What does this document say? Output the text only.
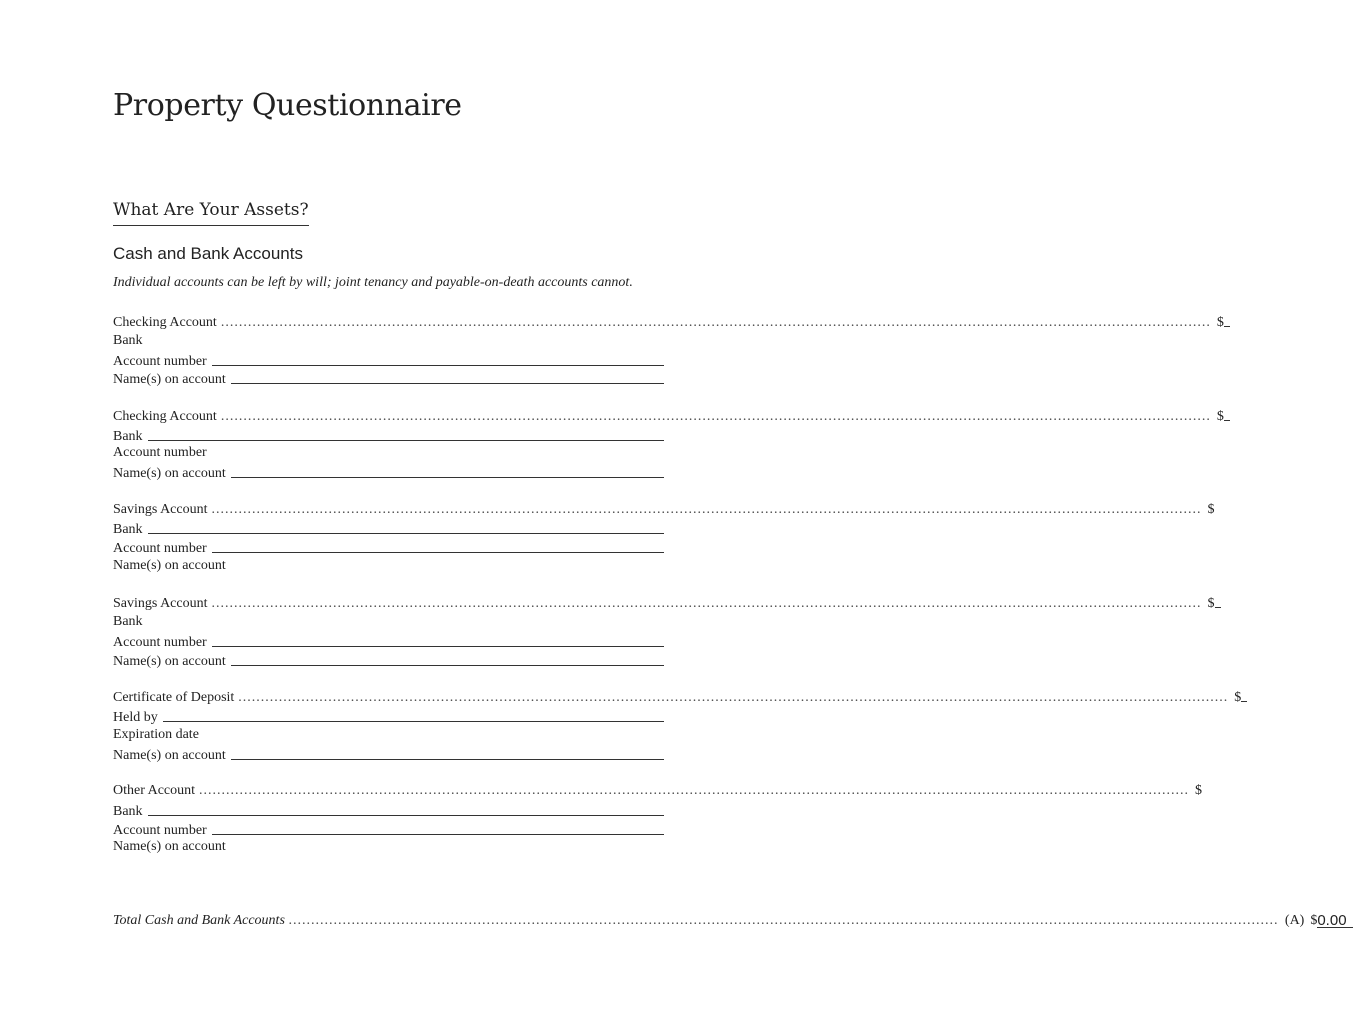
Property Questionnaire
What Are Your Assets?
Cash and Bank Accounts

Individual accounts can be left by will; joint tenancy and payable-on-death accounts cannot.

Checking Account ............................................................................................................................................................................................................................ $
Bank
Account number
Name(s) on account
Checking Account ............................................................................................................................................................................................................................ $
Bank
Account number
Name(s) on account
Savings Account ............................................................................................................................................................................................................................ $
Bank
Account number
Name(s) on account
Savings Account ............................................................................................................................................................................................................................ $
Bank
Account number
Name(s) on account
Certificate of Deposit ............................................................................................................................................................................................................................ $
Held by
Expiration date
Name(s) on account
Other Account ............................................................................................................................................................................................................................ $
Bank
Account number
Name(s) on account
Total Cash and Bank Accounts ............................................................................................................................................................................................................................ (A) $ 0.00
